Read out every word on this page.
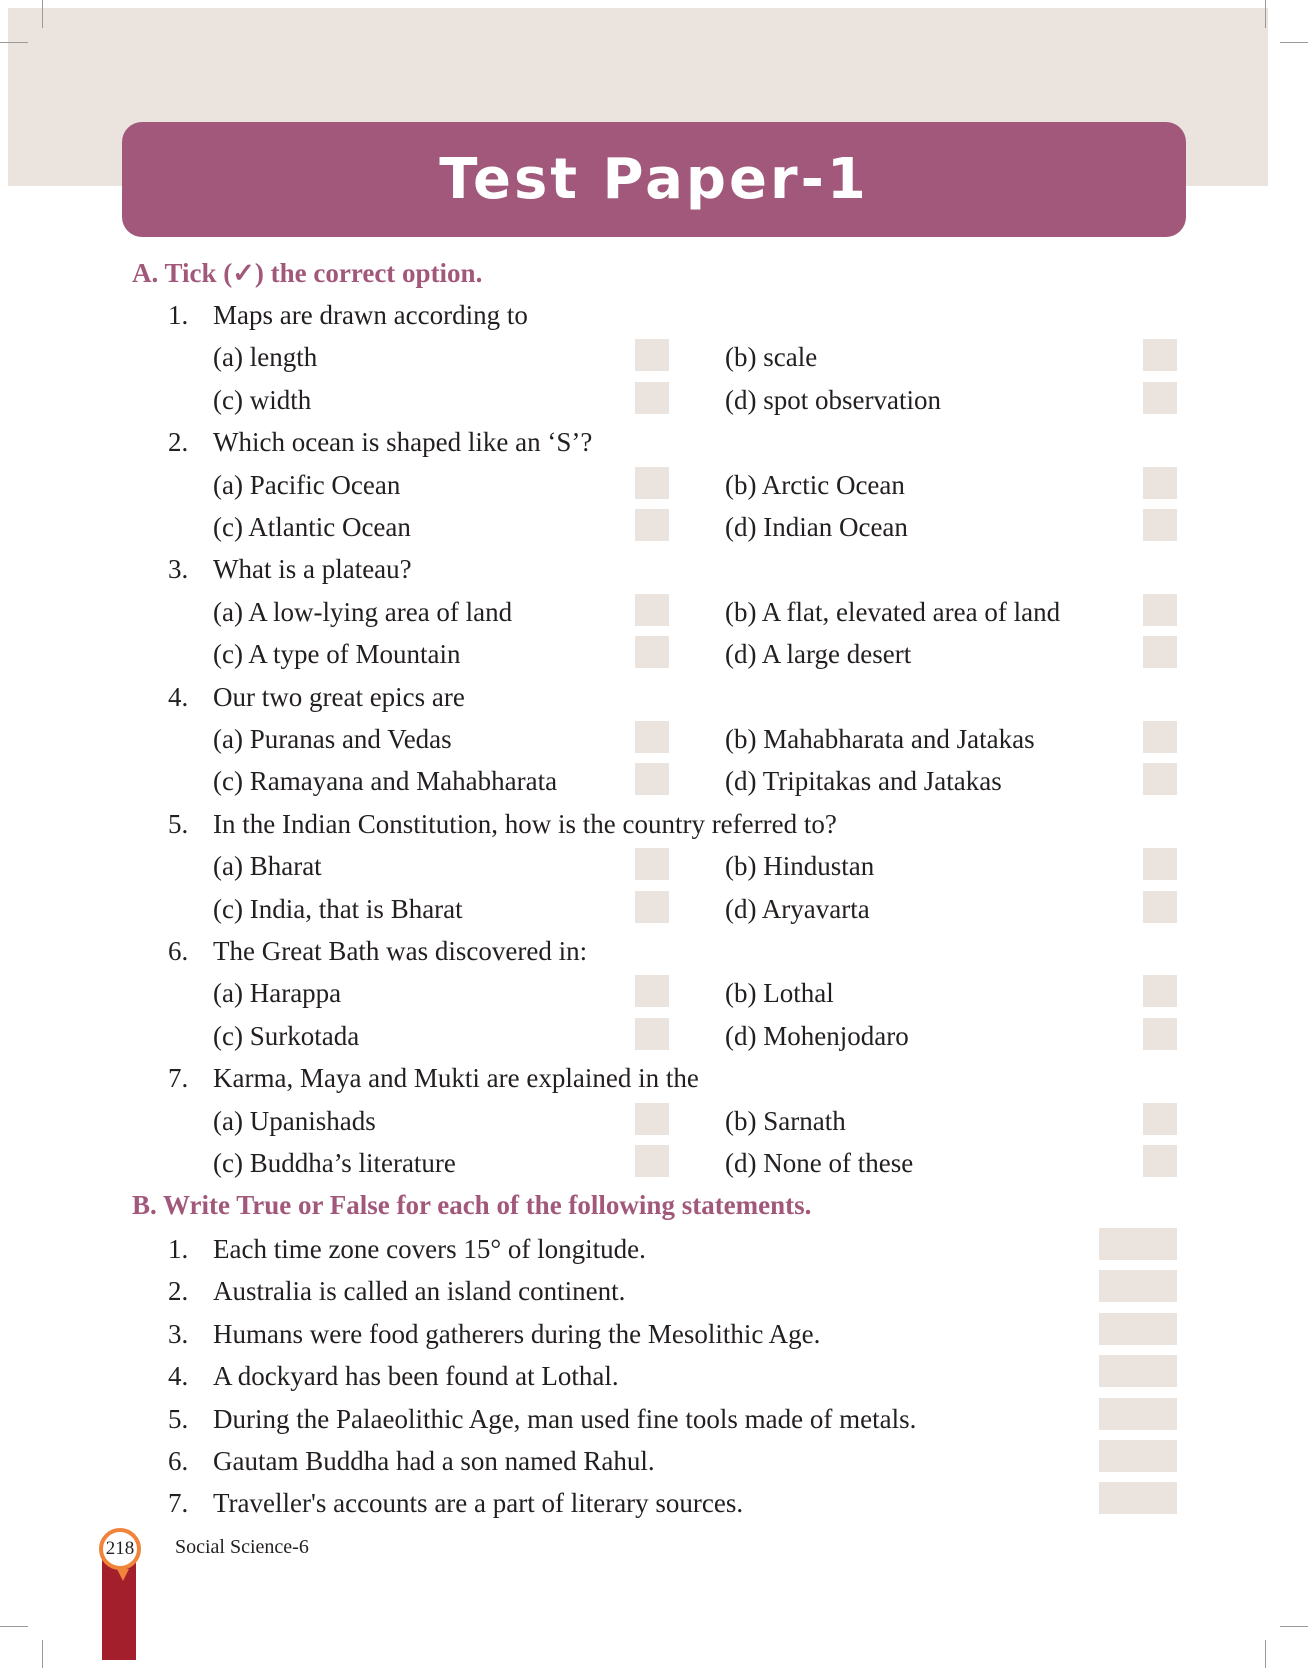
Test Paper-1
A. Tick (✓) the correct option.
1. Maps are drawn according to
(a) length	(b) scale
(c) width	(d) spot observation
2. Which ocean is shaped like an ‘S’?
(a) Pacific Ocean	(b) Arctic Ocean
(c) Atlantic Ocean	(d) Indian Ocean
3. What is a plateau?
(a) A low-lying area of land	(b) A flat, elevated area of land
(c) A type of Mountain	(d) A large desert
4. Our two great epics are
(a) Puranas and Vedas	(b) Mahabharata and Jatakas
(c) Ramayana and Mahabharata	(d) Tripitakas and Jatakas
5. In the Indian Constitution, how is the country referred to?
(a) Bharat	(b) Hindustan
(c) India, that is Bharat	(d) Aryavarta
6. The Great Bath was discovered in:
(a) Harappa	(b) Lothal
(c) Surkotada	(d) Mohenjodaro
7. Karma, Maya and Mukti are explained in the
(a) Upanishads	(b) Sarnath
(c) Buddha’s literature	(d) None of these
B. Write True or False for each of the following statements.
1. Each time zone covers 15° of longitude.
2. Australia is called an island continent.
3. Humans were food gatherers during the Mesolithic Age.
4. A dockyard has been found at Lothal.
5. During the Palaeolithic Age, man used fine tools made of metals.
6. Gautam Buddha had a son named Rahul.
7. Traveller's accounts are a part of literary sources.
218 Social Science-6
